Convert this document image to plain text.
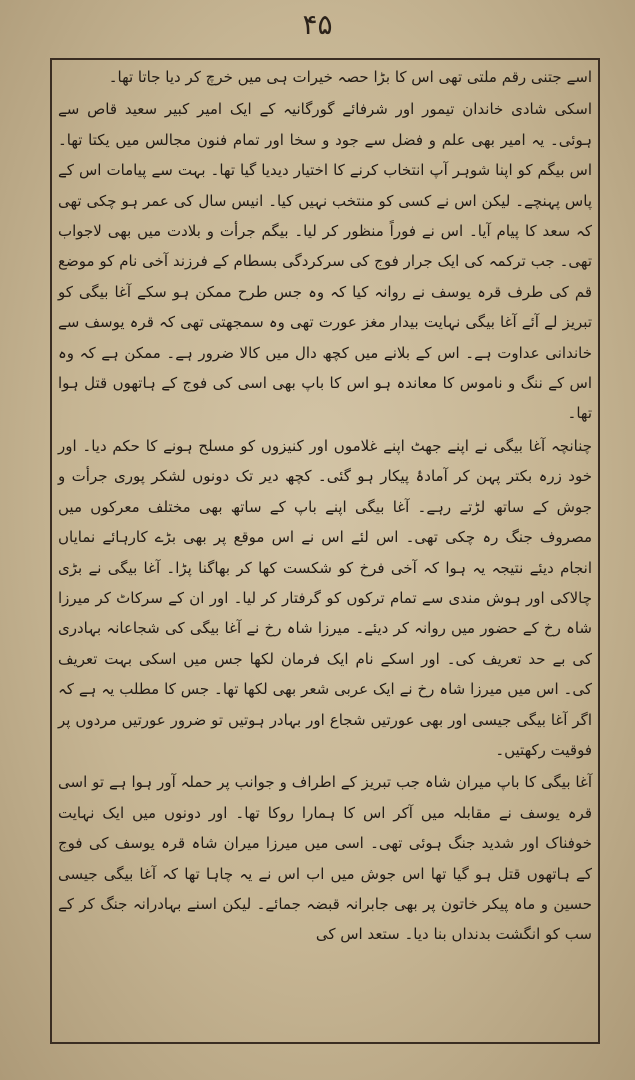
۴۵
اسے جتنی رقم ملتی تھی اس کا بڑا حصہ خیرات ہی میں خرچ کر دیا جاتا تھا۔
اسکی شادی خاندان تیمور اور شرفائے گورگانیہ کے ایک امیر کبیر سعید قاص سے ہوئی۔ یہ امیر بھی علم و فضل سے جود و سخا اور تمام فنون مجالس میں یکتا تھا۔ اس بیگم کو اپنا شوہر آپ انتخاب کرنے کا اختیار دیدیا گیا تھا۔ بہت سے پیامات اس کے پاس پہنچے۔ لیکن اس نے کسی کو منتخب نہیں کیا۔ انیس سال کی عمر ہو چکی تھی کہ سعد کا پیام آیا۔ اس نے فوراً منظور کر لیا۔ بیگم جرأت و بلادت میں بھی لاجواب تھی۔ جب ترکمہ کی ایک جرار فوج کی سرکردگی بسطام کے فرزند آخی نام کو موضع قم کی طرف قرہ یوسف نے روانہ کیا کہ وہ جس طرح ممکن ہو سکے آغا بیگی کو تبریز لے آئے آغا بیگی نہایت بیدار مغز عورت تھی وہ سمجھتی تھی کہ قرہ یوسف سے خاندانی عداوت ہے۔ اس کے بلانے میں کچھ دال میں کالا ضرور ہے۔ ممکن ہے کہ وہ اس کے ننگ و ناموس کا معاندہ ہو اس کا باپ بھی اسی کی فوج کے ہاتھوں قتل ہوا تھا۔
چنانچہ آغا بیگی نے اپنے جھٹ اپنے غلاموں اور کنیزوں کو مسلح ہونے کا حکم دیا۔ اور خود زرہ بکتر پہن کر آمادۂ پیکار ہو گئی۔ کچھ دیر تک دونوں لشکر پوری جرأت و جوش کے ساتھ لڑتے رہے۔ آغا بیگی اپنے باپ کے ساتھ بھی مختلف معرکوں میں مصروف جنگ رہ چکی تھی۔ اس لئے اس نے اس موقع پر بھی بڑے کارہائے نمایاں انجام دیئے نتیجہ یہ ہوا کہ آخی فرخ کو شکست کھا کر بھاگنا پڑا۔ آغا بیگی نے بڑی چالاکی اور ہوش مندی سے تمام ترکوں کو گرفتار کر لیا۔ اور ان کے سرکاٹ کر میرزا شاہ رخ کے حضور میں روانہ کر دیئے۔ میرزا شاہ رخ نے آغا بیگی کی شجاعانہ بہادری کی بے حد تعریف کی۔ اور اسکے نام ایک فرمان لکھا جس میں اسکی بہت تعریف کی۔ اس میں میرزا شاہ رخ نے ایک عربی شعر بھی لکھا تھا۔ جس کا مطلب یہ ہے کہ اگر آغا بیگی جیسی اور بھی عورتیں شجاع اور بہادر ہوتیں تو ضرور عورتیں مردوں پر فوقیت رکھتیں۔
آغا بیگی کا باپ میران شاہ جب تبریز کے اطراف و جوانب پر حملہ آور ہوا ہے تو اسی قرہ یوسف نے مقابلہ میں آکر اس کا ہمارا روکا تھا۔ اور دونوں میں ایک نہایت خوفناک اور شدید جنگ ہوئی تھی۔ اسی میں میرزا میران شاہ قرہ یوسف کی فوج کے ہاتھوں قتل ہو گیا تھا اس جوش میں اب اس نے یہ چاہا تھا کہ آغا بیگی جیسی حسین و ماہ پیکر خاتون پر بھی جابرانہ قبضہ جمائے۔ لیکن اسنے بہادرانہ جنگ کر کے سب کو انگشت بدنداں بنا دیا۔ ستعد اس کی
